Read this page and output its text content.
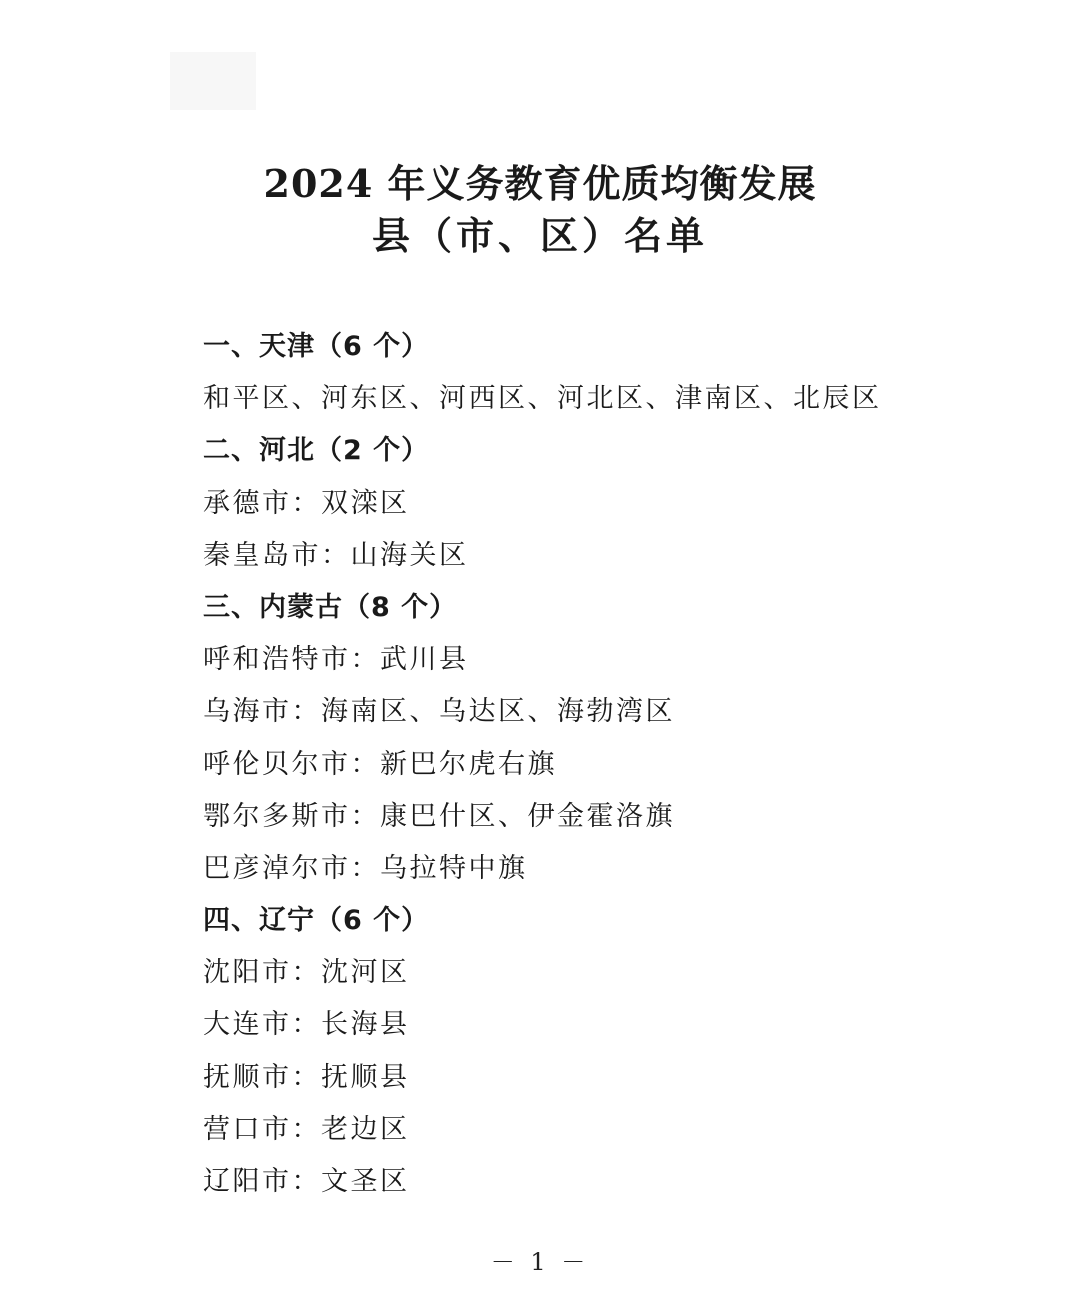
2024 年义务教育优质均衡发展
县（市、区）名单
一、天津（6 个）
和平区、河东区、河西区、河北区、津南区、北辰区
二、河北（2 个）
承德市：双滦区
秦皇岛市：山海关区
三、内蒙古（8 个）
呼和浩特市：武川县
乌海市：海南区、乌达区、海勃湾区
呼伦贝尔市：新巴尔虎右旗
鄂尔多斯市：康巴什区、伊金霍洛旗
巴彦淖尔市：乌拉特中旗
四、辽宁（6 个）
沈阳市：沈河区
大连市：长海县
抚顺市：抚顺县
营口市：老边区
辽阳市：文圣区
－ 1 －
